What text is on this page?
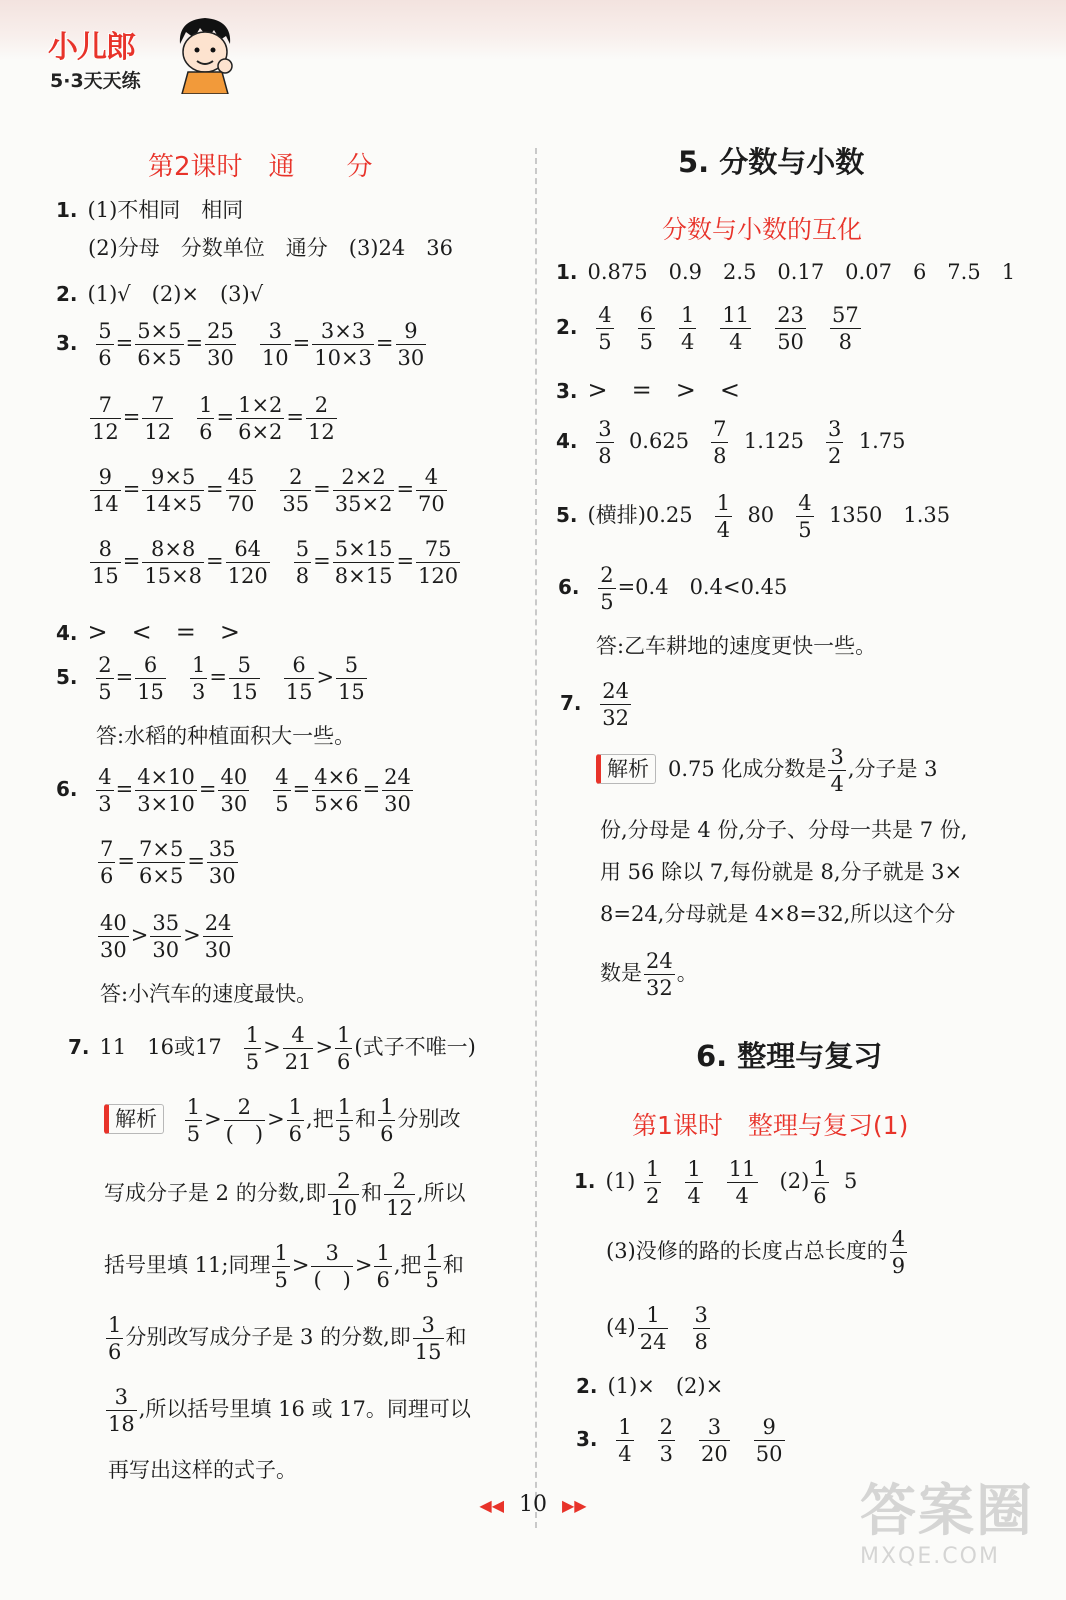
小儿郎
5·3天天练
第2课时　通　　分
1. (1)不相同　相同
(2)分母　分数单位　通分　(3)24　36
2. (1)√　(2)×　(3)√
3. $\frac{5}{6} = \frac{5\times 5}{6\times 5} = \frac{25}{30}$
$\frac{3}{10} = \frac{3\times 3}{10\times 3} = \frac{9}{30}$
$\frac{7}{12} = \frac{7}{12}$
$\frac{1}{6} = \frac{1\times 2}{6\times 2} = \frac{2}{12}$
$\frac{9}{14} = \frac{9\times 5}{14\times 5} = \frac{45}{70}$
$\frac{2}{35} = \frac{2\times 2}{35\times 2} = \frac{4}{70}$
$\frac{8}{15} = \frac{8\times 8}{15\times 8} = \frac{64}{120}$
$\frac{5}{8} = \frac{5\times 15}{8\times 15} = \frac{75}{120}$
4. >　<　=　>
5. $\frac{2}{5} = \frac{6}{15}$
$\frac{1}{3} = \frac{5}{15}$
$\frac{6}{15} > \frac{5}{15}$
答:水稻的种植面积大一些。
6. $\frac{4}{3} = \frac{4\times 10}{3\times 10} = \frac{40}{30}$
$\frac{4}{5} = \frac{4\times 6}{5\times 6} = \frac{24}{30}$
$\frac{7}{6} = \frac{7\times 5}{6\times 5} = \frac{35}{30}$
$\frac{40}{30} > \frac{35}{30} > \frac{24}{30}$
答:小汽车的速度最快。
7. 11　16或$17 \frac{1}{5} > \frac{4}{21} > \frac{1}{6}$ (式子不唯一)
解析 $\frac{1}{5} > 2$
(　)
> $\frac{1}{6}$ ,把 $\frac{1}{5}$ 和 $\frac{1}{6}$ 分别改
写成分子是 2 的分数,即 $\frac{2}{10}$ 和 $\frac{2}{12}$ ,所以
括号里填 11;同理 $\frac{1}{5} > 3$
(　)
> $\frac{1}{6}$ ,把 $\frac{1}{5}$ 和
$\frac{1}{6}$ 分别改写成分子是 3 的分数,即 $\frac{3}{15}$ 和
$\frac{3}{18}$ ,所以括号里填 16 或 17。同理可以
再写出这样的式子。
5. 分数与小数
分数与小数的互化
1. 0.875　0.9　2.5　0.17　0.07　6　7.5　1
2. $\frac{4}{5}$
$\frac{6}{5}$
$\frac{1}{4}$
$\frac{11}{4}$
$\frac{23}{50}$
$\frac{57}{8}$
3. >　=　>　<
4. $\frac{3}{8} 0.625 \frac{7}{8} 1.125 \frac{3}{2} 1.75$
5. (横排)$0.25 \frac{1}{4} 80 \frac{4}{5} 1350$　1.35
6. $\frac{2}{5} =0.4$　0.4<0.45
答:乙车耕地的速度更快一些。
7. $\frac{24}{32}$
解析 0.75 化成分数是 $\frac{3}{4}$ ,分子是 3
份,分母是 4 份,分子、分母一共是 7 份,
用 56 除以 7,每份就是 8,分子就是 3×
8=24,分母就是 4×8=32,所以这个分
数是 $\frac{24}{32}$ 。
6. 整理与复习
第1课时　整理与复习(1)
1. $(1) \frac{1}{2}$
$\frac{1}{4}$
$\frac{11}{4} (2) \frac{1}{6} 5$
(3)没修的路的长度占总长度的 $\frac{4}{9}$
$(4) \frac{1}{24}$
$\frac{3}{8}$
2. (1)×　(2)×
3. $\frac{1}{4}$
$\frac{2}{3}$
$\frac{3}{20}$
$\frac{9}{50}$
◀◀ 10 ▶▶	答案圈
MXQE.COM
